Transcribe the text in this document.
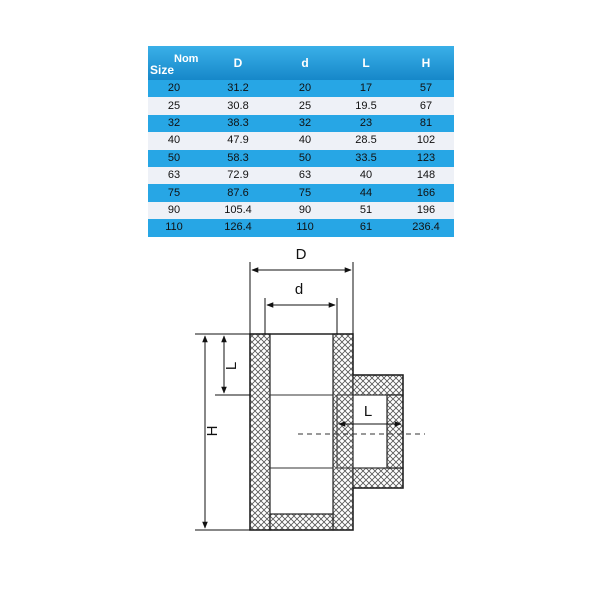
Size
Nom	D	d	L	H
20	31.2	20	17	57
25	30.8	25	19.5	67
32	38.3	32	23	81
40	47.9	40	28.5	102
50	58.3	50	33.5	123
63	72.9	63	40	148
75	87.6	75	44	166
90	105.4	90	51	196
110	126.4	110	61	236.4
D
d
H
L
L
